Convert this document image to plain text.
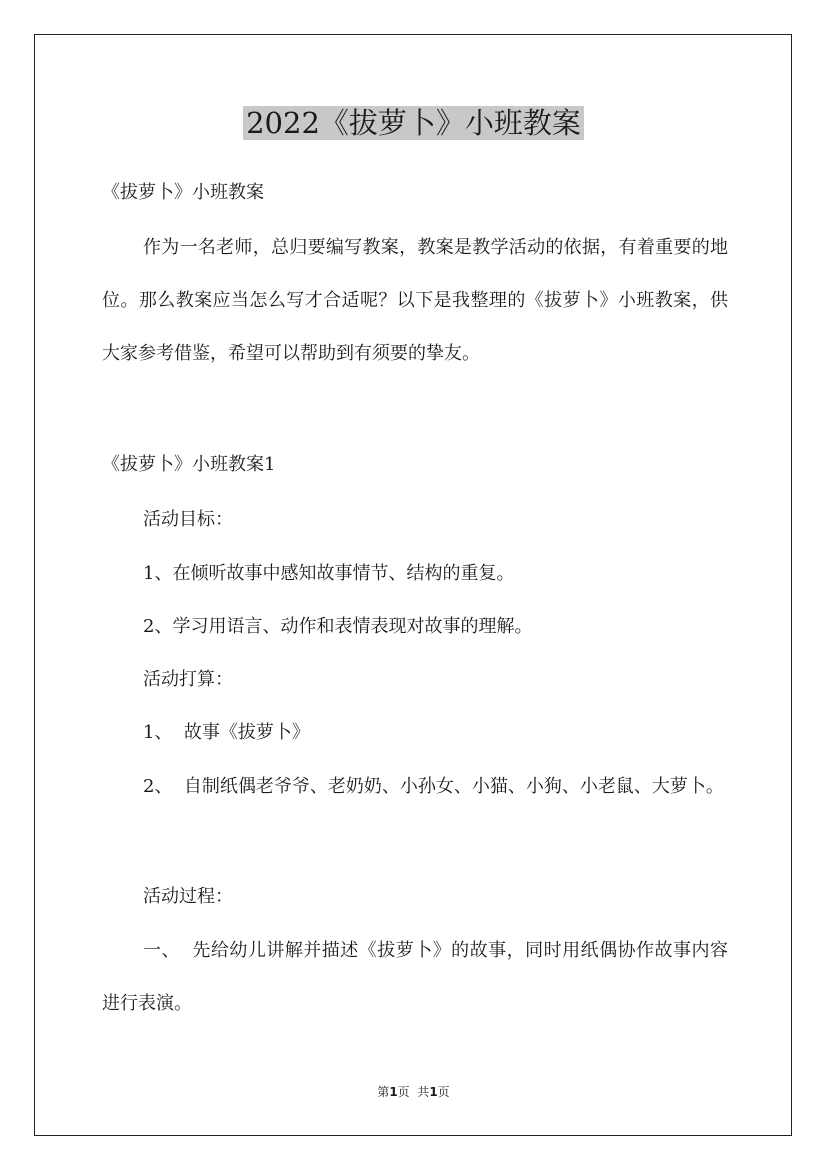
2022《拔萝卜》小班教案
《拔萝卜》小班教案
作为一名老师，总归要编写教案，教案是教学活动的依据，有着重要的地位。那么教案应当怎么写才合适呢？以下是我整理的《拔萝卜》小班教案，供大家参考借鉴，希望可以帮助到有须要的挚友。
《拔萝卜》小班教案1
活动目标：
1、在倾听故事中感知故事情节、结构的重复。
2、学习用语言、动作和表情表现对故事的理解。
活动打算：
1、  故事《拔萝卜》
2、  自制纸偶老爷爷、老奶奶、小孙女、小猫、小狗、小老鼠、大萝卜。
活动过程：
一、  先给幼儿讲解并描述《拔萝卜》的故事，同时用纸偶协作故事内容进行表演。
第1页  共1页
